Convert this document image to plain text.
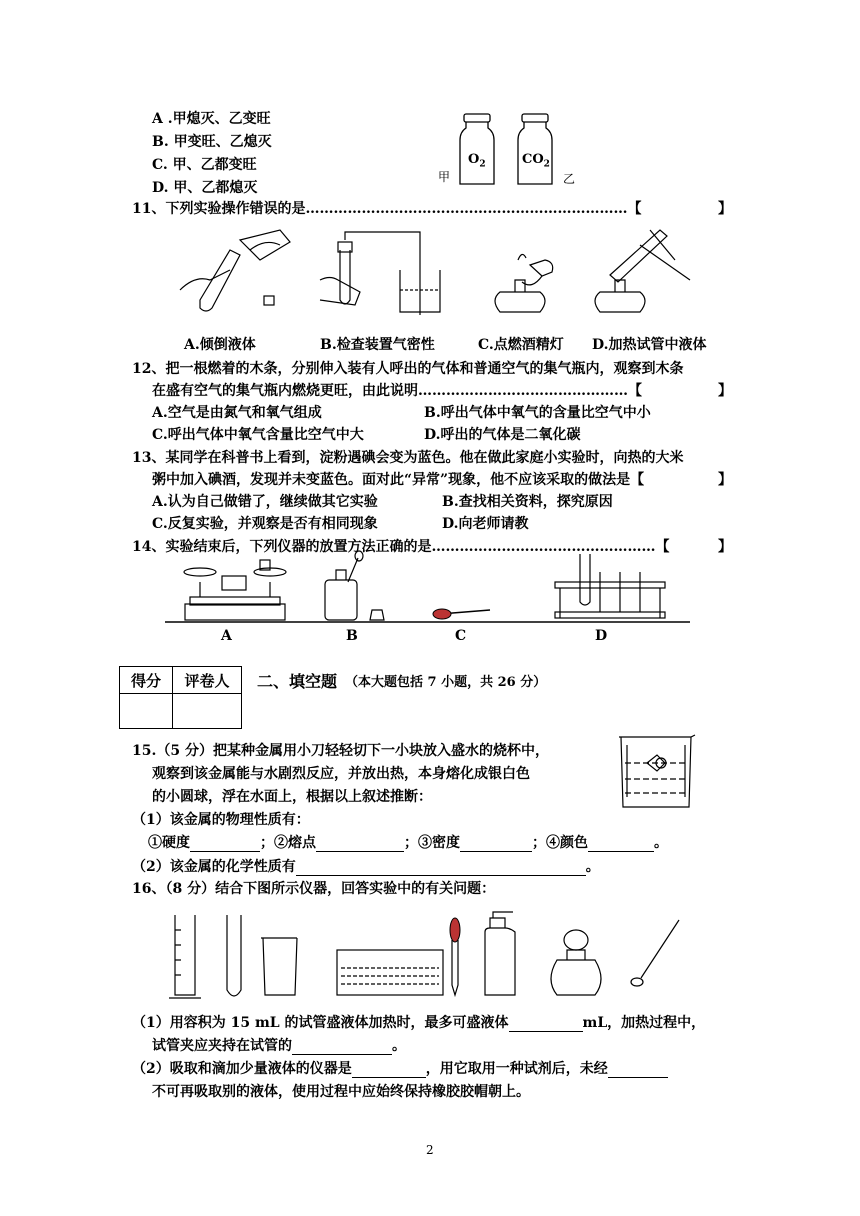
A .甲熄灭、乙变旺
B. 甲变旺、乙熄灭
C. 甲、乙都变旺
D. 甲、乙都熄灭
甲	乙
$O_2$	$CO_2$
11、下列实验操作错误的是……………………………………………………………【	】
A.倾倒液体	B.检查装置气密性	C.点燃酒精灯 D.加热试管中液体
12、把一根燃着的木条，分别伸入装有人呼出的气体和普通空气的集气瓶内，观察到木条
在盛有空气的集气瓶内燃烧更旺，由此说明………………………………………【	】
A.空气是由氮气和氧气组成	B.呼出气体中氧气的含量比空气中小
C.呼出气体中氧气含量比空气中大	D.呼出的气体是二氧化碳
13、某同学在科普书上看到，淀粉遇碘会变为蓝色。他在做此家庭小实验时，向热的大米
粥中加入碘酒，发现并未变蓝色。面对此“异常”现象，他不应该采取的做法是【	】
A.认为自己做错了，继续做其它实验	B.查找相关资料，探究原因
C.反复实验，并观察是否有相同现象	D.向老师请教
14、实验结束后，下列仪器的放置方法正确的是…………………………………………【	】
A	B	C	D
得分	评卷人
	二、填空题 （本大题包括 7 小题，共 26 分）
15.（5 分）把某种金属用小刀轻轻切下一小块放入盛水的烧杯中，
观察到该金属能与水剧烈反应，并放出热，本身熔化成银白色
的小圆球，浮在水面上，根据以上叙述推断：
（1）该金属的物理性质有：
①硬度	；②熔点	；③密度	；④颜色	。
（2）该金属的化学性质有	。
16、（8 分）结合下图所示仪器，回答实验中的有关问题：
（1）用容积为 15 mL 的试管盛液体加热时，最多可盛液体	mL，加热过程中，
试管夹应夹持在试管的	。
（2）吸取和滴加少量液体的仪器是	，用它取用一种试剂后，未经
不可再吸取别的液体，使用过程中应始终保持橡胶胶帽朝上。
2
